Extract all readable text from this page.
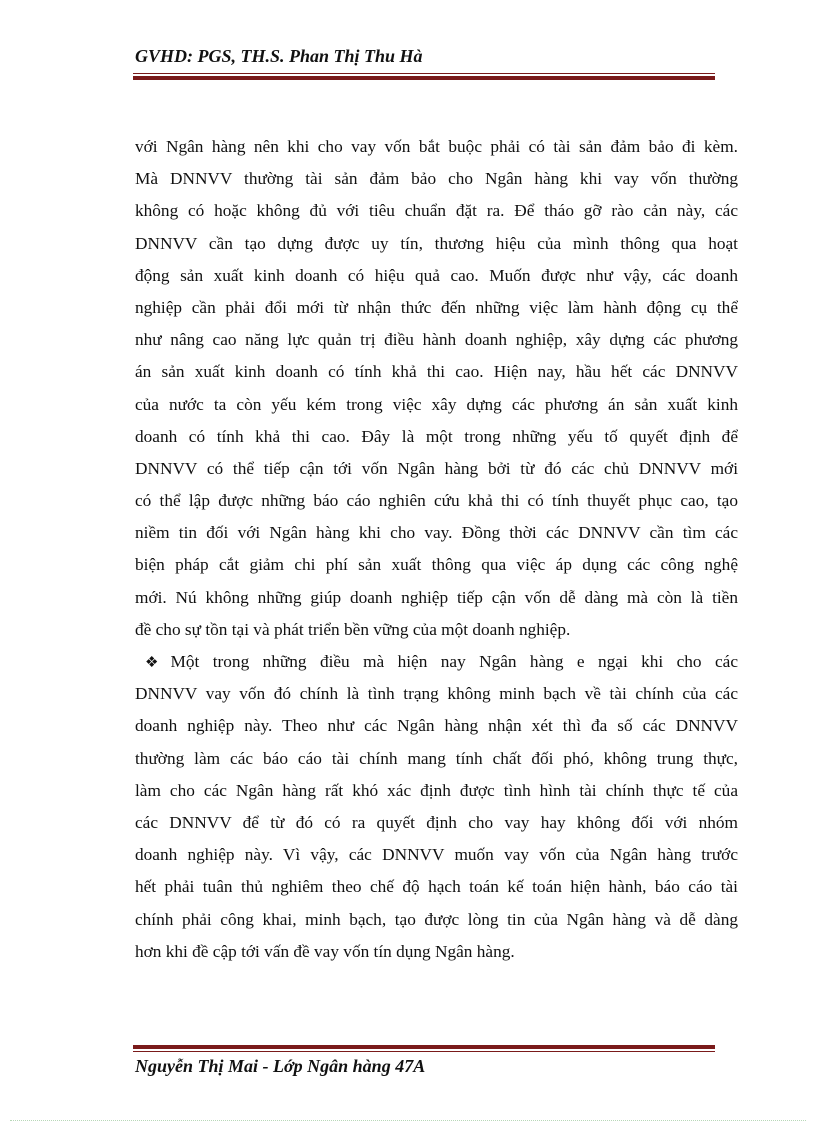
GVHD: PGS, TH.S. Phan Thị Thu Hà
với Ngân hàng nên khi cho vay vốn bắt buộc phải có tài sản đảm bảo đi kèm.
Mà DNNVV thường tài sản đảm bảo cho Ngân hàng khi vay vốn thường
không có hoặc không đủ với tiêu chuẩn đặt ra. Để tháo gỡ rào cản này, các
DNNVV cần tạo dựng được uy tín, thương hiệu của mình thông qua hoạt
động sản xuất kinh doanh có hiệu quả cao. Muốn được như vậy, các doanh
nghiệp cần phải đổi mới từ nhận thức đến những việc làm hành động cụ thể
như nâng cao năng lực quản trị điều hành doanh nghiệp, xây dựng các phương
án sản xuất kinh doanh có tính khả thi cao. Hiện nay, hầu hết các DNNVV
của nước ta còn yếu kém trong việc xây dựng các phương án sản xuất kinh
doanh có tính khả thi cao. Đây là một trong những yếu tố quyết định để
DNNVV có thể tiếp cận tới vốn Ngân hàng bởi từ đó các chủ DNNVV mới
có thể lập được những báo cáo nghiên cứu khả thi có tính thuyết phục cao, tạo
niềm tin đối với Ngân hàng khi cho vay. Đồng thời các DNNVV cần tìm các
biện pháp cắt giảm chi phí sản xuất thông qua việc áp dụng các công nghệ
mới. Nú không những giúp doanh nghiệp tiếp cận vốn dễ dàng mà còn là tiền
đề cho sự tồn tại và phát triển bền vững của một doanh nghiệp.
❖ Một trong những điều mà hiện nay Ngân hàng e ngại khi cho các
DNNVV vay vốn đó chính là tình trạng không minh bạch về tài chính của các
doanh nghiệp này. Theo như các Ngân hàng nhận xét thì đa số các DNNVV
thường làm các báo cáo tài chính mang tính chất đối phó, không trung thực,
làm cho các Ngân hàng rất khó xác định được tình hình tài chính thực tế của
các DNNVV để từ đó có ra quyết định cho vay hay không đối với nhóm
doanh nghiệp này. Vì vậy, các DNNVV muốn vay vốn của Ngân hàng trước
hết phải tuân thủ nghiêm theo chế độ hạch toán kế toán hiện hành, báo cáo tài
chính phải công khai, minh bạch, tạo được lòng tin của Ngân hàng và dễ dàng
hơn khi đề cập tới vấn đề vay vốn tín dụng Ngân hàng.
Nguyễn Thị Mai - Lớp Ngân hàng 47A
